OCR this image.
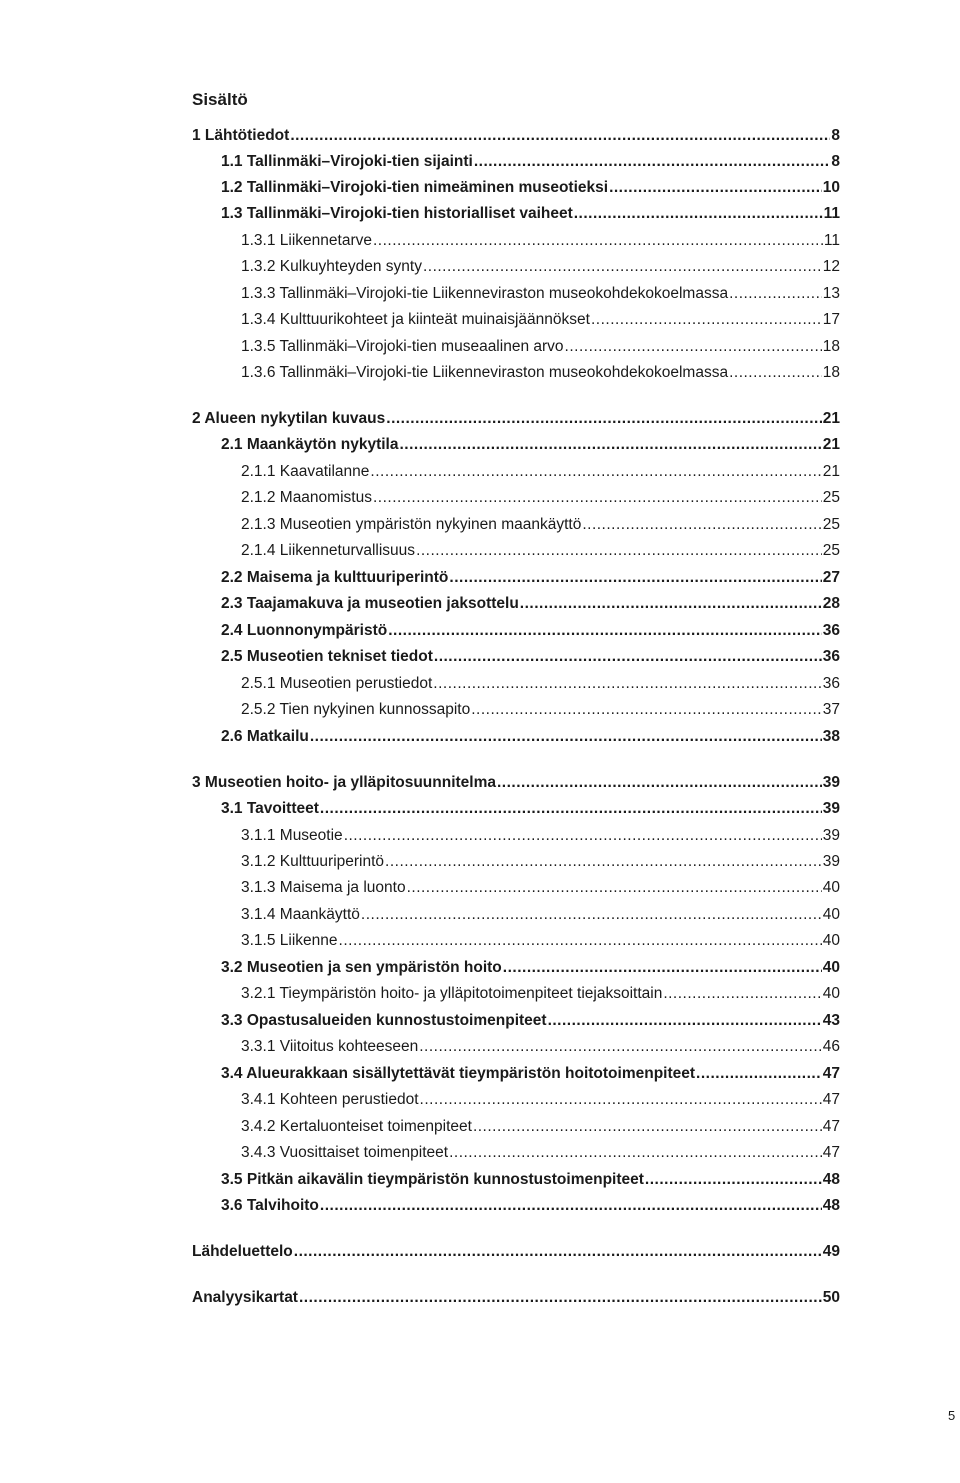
Sisältö
1 Lähtötiedot .....	8
1.1 Tallinmäki–Virojoki-tien sijainti .....	8
1.2 Tallinmäki–Virojoki-tien nimeäminen museotieksi .....	10
1.3 Tallinmäki–Virojoki-tien historialliset vaiheet .....	11
1.3.1 Liikennetarve .....	11
1.3.2 Kulkuyhteyden synty .....	12
1.3.3 Tallinmäki–Virojoki-tie Liikenneviraston museokohdekokoelmassa .....	13
1.3.4 Kulttuurikohteet ja kiinteät muinaisjäännökset .....	17
1.3.5 Tallinmäki–Virojoki-tien museaalinen arvo .....	18
1.3.6 Tallinmäki–Virojoki-tie Liikenneviraston museokohdekokoelmassa .....	18
2 Alueen nykytilan kuvaus .....	21
2.1 Maankäytön nykytila .....	21
2.1.1 Kaavatilanne .....	21
2.1.2 Maanomistus .....	25
2.1.3 Museotien ympäristön nykyinen maankäyttö .....	25
2.1.4 Liikenneturvallisuus .....	25
2.2 Maisema ja kulttuuriperintö .....	27
2.3 Taajamakuva ja museotien jaksottelu .....	28
2.4 Luonnonympäristö .....	36
2.5 Museotien tekniset tiedot .....	36
2.5.1 Museotien perustiedot .....	36
2.5.2 Tien nykyinen kunnossapito .....	37
2.6 Matkailu .....	38
3 Museotien hoito- ja ylläpitosuunnitelma .....	39
3.1 Tavoitteet .....	39
3.1.1 Museotie .....	39
3.1.2 Kulttuuriperintö .....	39
3.1.3 Maisema ja luonto .....	40
3.1.4 Maankäyttö .....	40
3.1.5 Liikenne .....	40
3.2 Museotien ja sen ympäristön hoito .....	40
3.2.1 Tieympäristön hoito- ja ylläpitotoimenpiteet tiejaksoittain .....	40
3.3 Opastusalueiden kunnostustoimenpiteet .....	43
3.3.1 Viitoitus kohteeseen .....	46
3.4 Alueurakkaan sisällytettävät tieympäristön hoitotoimenpiteet .....	47
3.4.1 Kohteen perustiedot .....	47
3.4.2 Kertaluonteiset toimenpiteet .....	47
3.4.3 Vuosittaiset toimenpiteet .....	47
3.5 Pitkän aikavälin tieympäristön kunnostustoimenpiteet .....	48
3.6 Talvihoito .....	48
Lähdeluettelo .....	49
Analyysikartat .....	50
5
